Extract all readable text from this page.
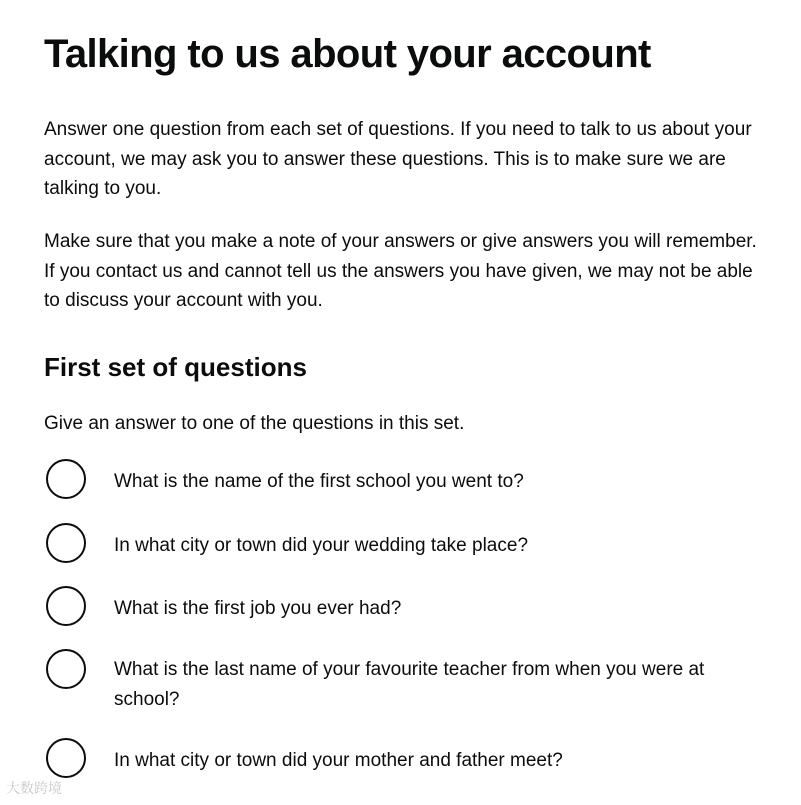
Talking to us about your account

Answer one question from each set of questions. If you need to talk to us about your account, we may ask you to answer these questions. This is to make sure we are talking to you.

Make sure that you make a note of your answers or give answers you will remember. If you contact us and cannot tell us the answers you have given, we may not be able to discuss your account with you.

First set of questions

Give an answer to one of the questions in this set.

What is the name of the first school you went to?
In what city or town did your wedding take place?
What is the first job you ever had?
What is the last name of your favourite teacher from when you were at school?
In what city or town did your mother and father meet?
大数跨境
